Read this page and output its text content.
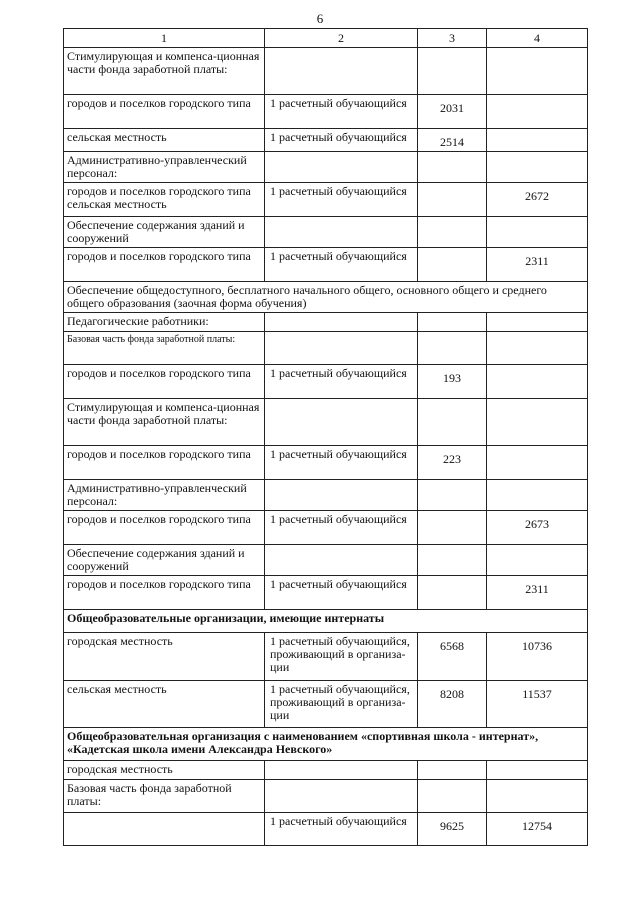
6
1	2	3	4
Стимулирующая и компенса-ционная части фонда заработной платы:			
городов и поселков городского типа	1 расчетный обучающийся	2031	
сельская местность	1 расчетный обучающийся	2514	
Административно-управленческий персонал:			
городов и поселков городского типа сельская местность	1 расчетный обучающийся		2672
Обеспечение содержания зданий и сооружений			
городов и поселков городского типа	1 расчетный обучающийся		2311
Обеспечение общедоступного, бесплатного начального общего, основного общего и среднего общего образования (заочная форма обучения)			
Педагогические работники:			
Базовая часть фонда заработной платы:			
городов и поселков городского типа	1 расчетный обучающийся	193	
Стимулирующая и компенса-ционная части фонда заработной платы:			
городов и поселков городского типа	1 расчетный обучающийся	223	
Административно-управленческий персонал:			
городов и поселков городского типа	1 расчетный обучающийся		2673
Обеспечение содержания зданий и сооружений			
городов и поселков городского типа	1 расчетный обучающийся		2311
Общеобразовательные организации, имеющие интернаты			
городская местность	1 расчетный обучающийся, проживающий в организа-ции	6568	10736
сельская местность	1 расчетный обучающийся, проживающий в организа-ции	8208	11537
Общеобразовательная организация с наименованием «спортивная школа - интернат», «Кадетская школа имени Александра Невского»			
городская местность			
Базовая часть фонда заработной платы:			
	1 расчетный обучающийся	9625	12754
